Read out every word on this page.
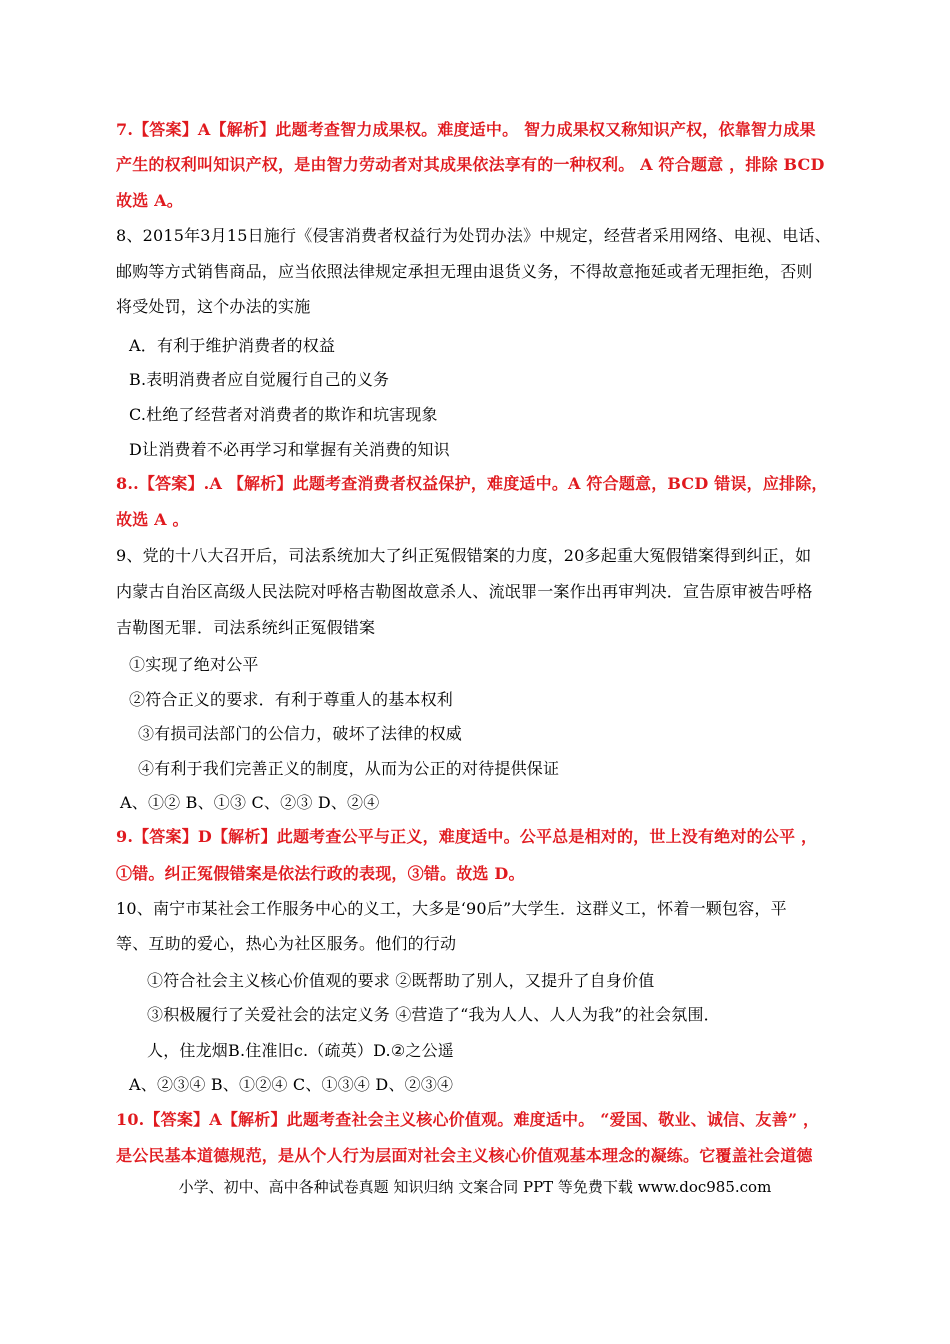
7.【答案】A【解析】此题考查智力成果权。难度适中。 智力成果权又称知识产权，依靠智力成果
产生的权利叫知识产权，是由智力劳动者对其成果依法享有的一种权利。 A 符合题意 ，排除 BCD
故选 A。
8、2015年3月15日施行《侵害消费者权益行为处罚办法》中规定，经营者采用网络、电视、电话、
邮购等方式销售商品，应当依照法律规定承担无理由退货义务，不得故意拖延或者无理拒绝，否则
将受处罚，这个办法的实施
A．有利于维护消费者的权益
B.表明消费者应自觉履行自己的义务
C.杜绝了经营者对消费者的欺诈和坑害现象
D让消费着不必再学习和掌握有关消费的知识
8..【答案】.A 【解析】此题考查消费者权益保护，难度适中。A 符合题意，BCD 错误，应排除，
故选 A 。
9、党的十八大召开后，司法系统加大了纠正冤假错案的力度，20多起重大冤假错案得到纠正，如
内蒙古自治区高级人民法院对呼格吉勒图故意杀人、流氓罪一案作出再审判决．宣告原审被告呼格
吉勒图无罪．司法系统纠正冤假错案
①实现了绝对公平
②符合正义的要求．有利于尊重人的基本权利
③有损司法部门的公信力，破坏了法律的权威
④有利于我们完善正义的制度，从而为公正的对待提供保证
A、①② B、①③ C、②③ D、②④
9.【答案】D【解析】此题考查公平与正义，难度适中。公平总是相对的，世上没有绝对的公平 ，
①错。纠正冤假错案是依法行政的表现，③错。故选 D。
10、南宁市某社会工作服务中心的义工，大多是‘90后”大学生．这群义工，怀着一颗包容，平
等、互助的爱心，热心为社区服务。他们的行动
①符合社会主义核心价值观的要求 ②既帮助了别人，又提升了自身价值
③积极履行了关爱社会的法定义务 ④营造了“我为人人、人人为我”的社会氛围．
人，住龙烟B.住准旧c.（疏英）D.②之公遥
A、②③④ B、①②④ C、①③④ D、②③④
10.【答案】A【解析】此题考查社会主义核心价值观。难度适中。 “爱国、敬业、诚信、友善” ，
是公民基本道德规范，是从个人行为层面对社会主义核心价值观基本理念的凝练。它覆盖社会道德
小学、初中、高中各种试卷真题 知识归纳 文案合同 PPT 等免费下载 www.doc985.com
